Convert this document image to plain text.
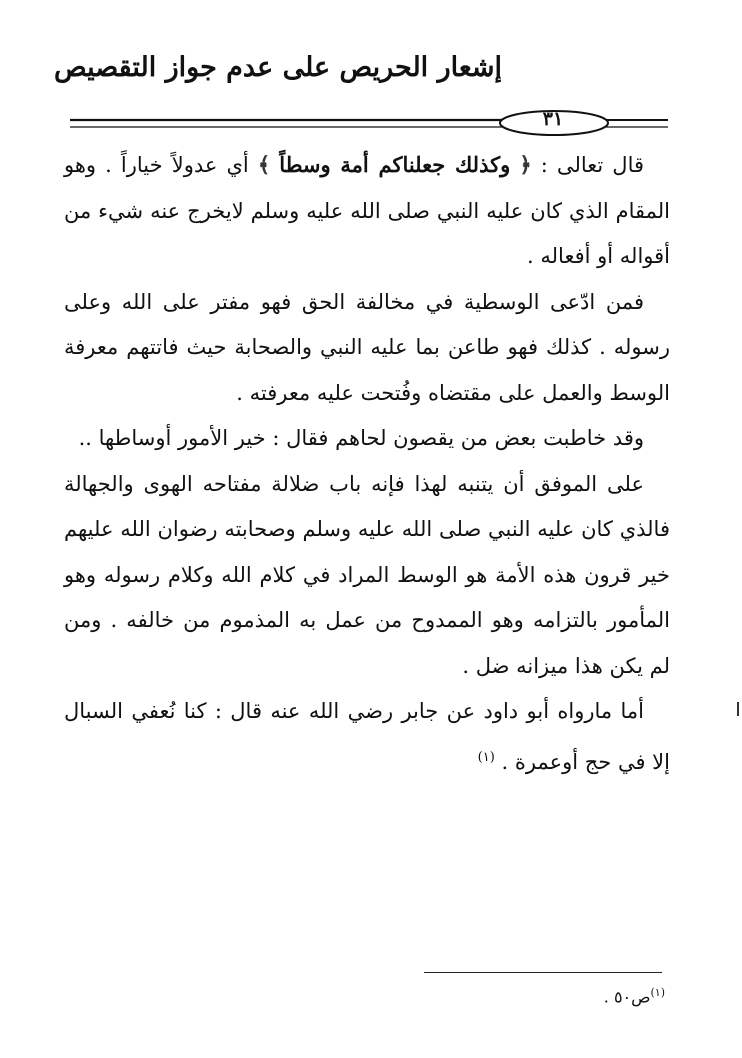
إشعار الحريص على عدم جواز التقصيص
٣١

قال تعالى : ﴿ وكذلك جعلناكم أمة وسطاً ﴾ أي عدولاً خياراً . وهو المقام الذي كان عليه النبي صلى الله عليه وسلم لايخرج عنه شيء من أقواله أو أفعاله .

فمن ادّعى الوسطية في مخالفة الحق فهو مفتر على الله وعلى رسوله . كذلك فهو طاعن بما عليه النبي والصحابة حيث فاتتهم معرفة الوسط والعمل على مقتضاه وفُتحت عليه معرفته .

وقد خاطبت بعض من يقصون لحاهم فقال : خير الأمور أوساطها ..

على الموفق أن يتنبه لهذا فإنه باب ضلالة مفتاحه الهوى والجهالة فالذي كان عليه النبي صلى الله عليه وسلم وصحابته رضوان الله عليهم خير قرون هذه الأمة هو الوسط المراد في كلام الله وكلام رسوله وهو المأمور بالتزامه وهو الممدوح من عمل به المذموم من خالفه . ومن لم يكن هذا ميزانه ضل .

أما مارواه أبو داود عن جابر رضي الله عنه قال : كنا نُعفي السبال إلا في حج أوعمرة . $^{(١)}$

$^{(١)}$ص٥٠ .
